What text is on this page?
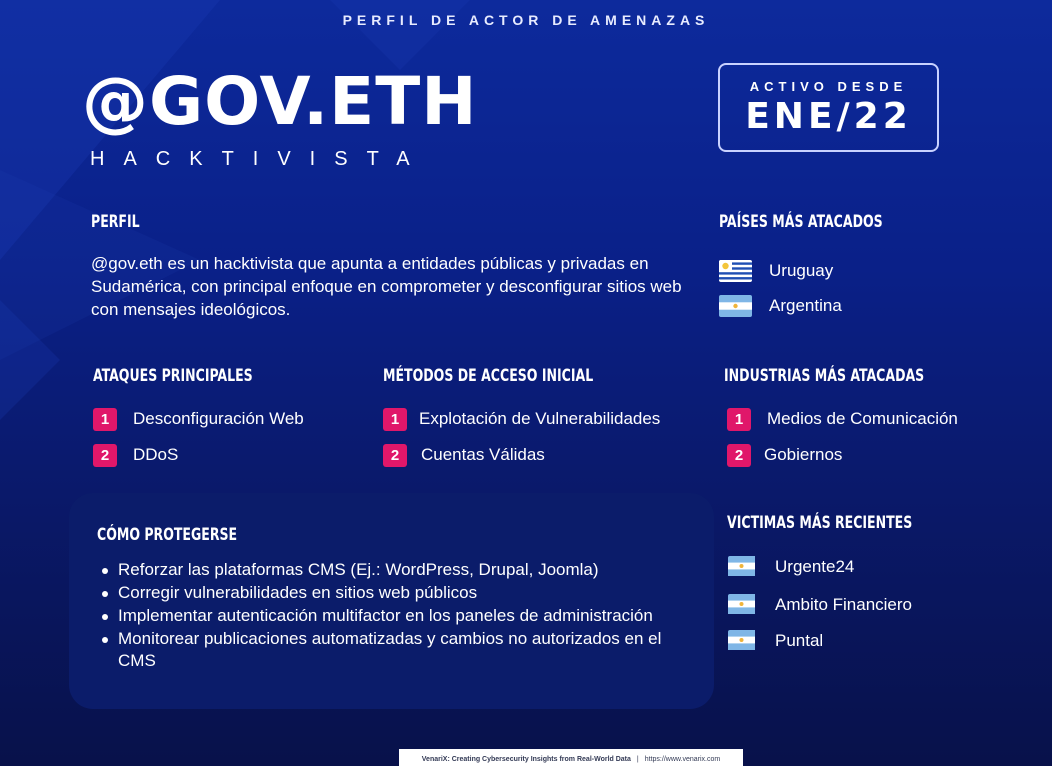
PERFIL DE ACTOR DE AMENAZAS
@GOV.ETH
HACKTIVISTA
ACTIVO DESDE
ENE/22
PERFIL
@gov.eth es un hacktivista que apunta a entidades públicas y privadas en Sudamérica, con principal enfoque en comprometer y desconfigurar sitios web con mensajes ideológicos.
PAÍSES MÁS ATACADOS
Uruguay
Argentina
ATAQUES PRINCIPALES
1	Desconfiguración Web
2	DDoS
MÉTODOS DE ACCESO INICIAL
1	Explotación de Vulnerabilidades
2	Cuentas Válidas
INDUSTRIAS MÁS ATACADAS
1	Medios de Comunicación
2	Gobiernos
CÓMO PROTEGERSE
Reforzar las plataformas CMS (Ej.: WordPress, Drupal, Joomla)
Corregir vulnerabilidades en sitios web públicos
Implementar autenticación multifactor en los paneles de administración
Monitorear publicaciones automatizadas y cambios no autorizados en el CMS
VICTIMAS MÁS RECIENTES
Urgente24
Ambito Financiero
Puntal
VenariX: Creating Cybersecurity Insights from Real-World Data | https://www.venarix.com
